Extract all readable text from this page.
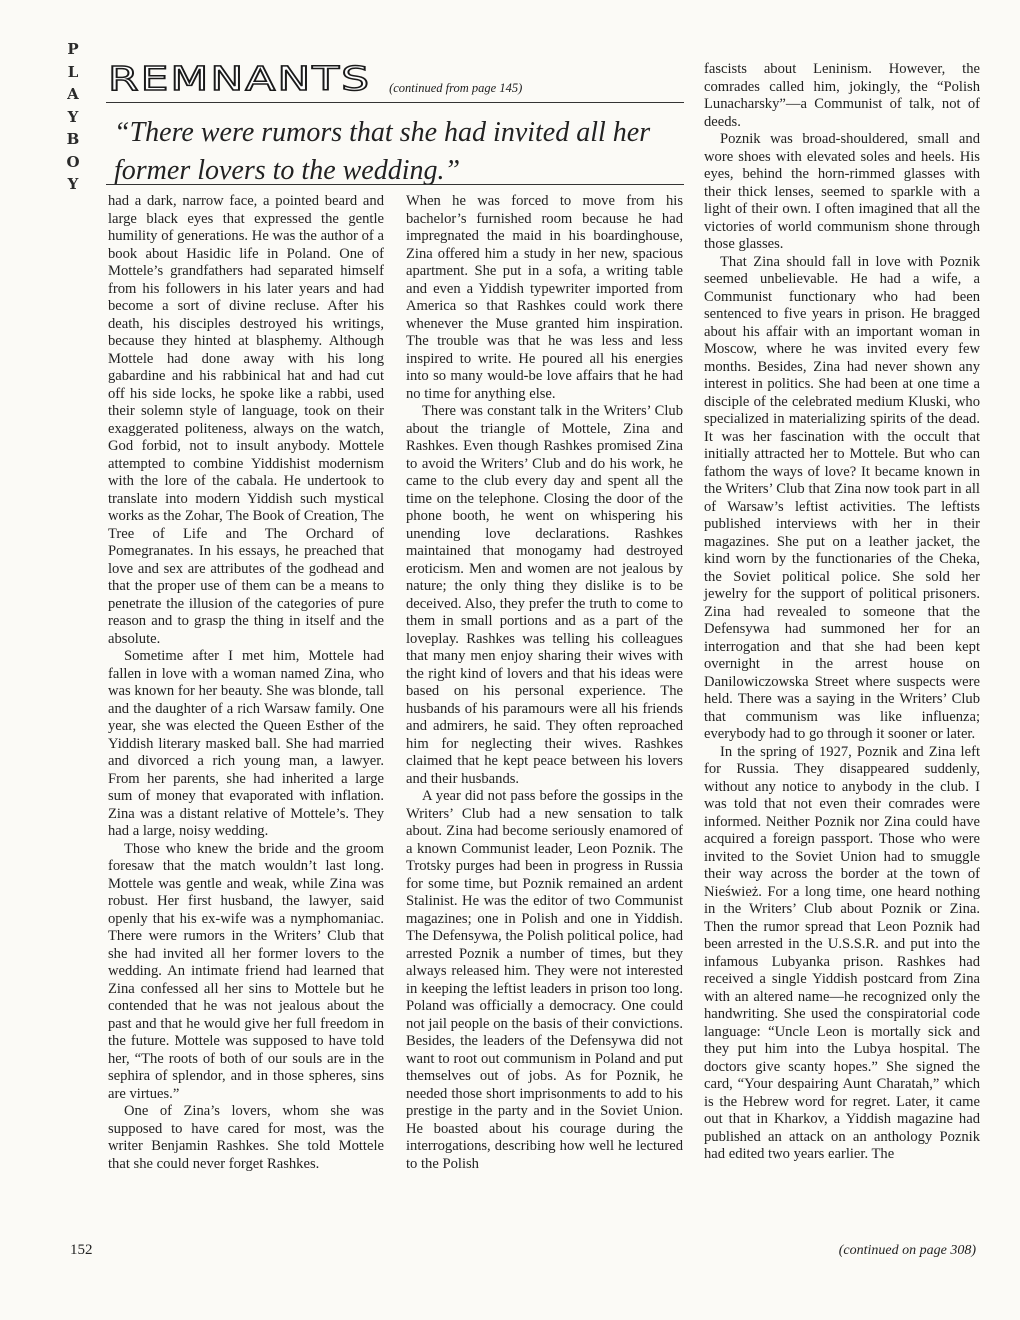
P
L
A
Y
B
O
Y
REMNANTS (continued from page 145)
“There were rumors that she had invited all her former lovers to the wedding.”

had a dark, narrow face, a pointed beard and large black eyes that expressed the gentle humility of generations. He was the author of a book about Hasidic life in Poland. One of Mottele’s grandfathers had separated himself from his followers in his later years and had become a sort of divine recluse. After his death, his disciples destroyed his writings, because they hinted at blasphemy. Although Mottele had done away with his long gabardine and his rabbinical hat and had cut off his side locks, he spoke like a rabbi, used their solemn style of language, took on their exaggerated politeness, always on the watch, God forbid, not to insult anybody. Mottele attempted to combine Yiddishist modernism with the lore of the cabala. He undertook to translate into modern Yiddish such mystical works as the Zohar, The Book of Creation, The Tree of Life and The Orchard of Pomegranates. In his essays, he preached that love and sex are attributes of the godhead and that the proper use of them can be a means to penetrate the illusion of the categories of pure reason and to grasp the thing in itself and the absolute.

Sometime after I met him, Mottele had fallen in love with a woman named Zina, who was known for her beauty. She was blonde, tall and the daughter of a rich Warsaw family. One year, she was elected the Queen Esther of the Yiddish literary masked ball. She had married and divorced a rich young man, a lawyer. From her parents, she had inherited a large sum of money that evaporated with inflation. Zina was a distant relative of Mottele’s. They had a large, noisy wedding.

Those who knew the bride and the groom foresaw that the match wouldn’t last long. Mottele was gentle and weak, while Zina was robust. Her first husband, the lawyer, said openly that his ex-wife was a nymphomaniac. There were rumors in the Writers’ Club that she had invited all her former lovers to the wedding. An intimate friend had learned that Zina confessed all her sins to Mottele but he contended that he was not jealous about the past and that he would give her full freedom in the future. Mottele was supposed to have told her, “The roots of both of our souls are in the sephira of splendor, and in those spheres, sins are virtues.”

One of Zina’s lovers, whom she was supposed to have cared for most, was the writer Benjamin Rashkes. She told Mottele that she could never forget Rashkes.

When he was forced to move from his bachelor’s furnished room because he had impregnated the maid in his boardinghouse, Zina offered him a study in her new, spacious apartment. She put in a sofa, a writing table and even a Yiddish typewriter imported from America so that Rashkes could work there whenever the Muse granted him inspiration. The trouble was that he was less and less inspired to write. He poured all his energies into so many would-be love affairs that he had no time for anything else.

There was constant talk in the Writers’ Club about the triangle of Mottele, Zina and Rashkes. Even though Rashkes promised Zina to avoid the Writers’ Club and do his work, he came to the club every day and spent all the time on the telephone. Closing the door of the phone booth, he went on whispering his unending love declarations. Rashkes maintained that monogamy had destroyed eroticism. Men and women are not jealous by nature; the only thing they dislike is to be deceived. Also, they prefer the truth to come to them in small portions and as a part of the loveplay. Rashkes was telling his colleagues that many men enjoy sharing their wives with the right kind of lovers and that his ideas were based on his personal experience. The husbands of his paramours were all his friends and admirers, he said. They often reproached him for neglecting their wives. Rashkes claimed that he kept peace between his lovers and their husbands.

A year did not pass before the gossips in the Writers’ Club had a new sensation to talk about. Zina had become seriously enamored of a known Communist leader, Leon Poznik. The Trotsky purges had been in progress in Russia for some time, but Poznik remained an ardent Stalinist. He was the editor of two Communist magazines; one in Polish and one in Yiddish. The Defensywa, the Polish political police, had arrested Poznik a number of times, but they always released him. They were not interested in keeping the leftist leaders in prison too long. Poland was officially a democracy. One could not jail people on the basis of their convictions. Besides, the leaders of the Defensywa did not want to root out communism in Poland and put themselves out of jobs. As for Poznik, he needed those short imprisonments to add to his prestige in the party and in the Soviet Union. He boasted about his courage during the interrogations, describing how well he lectured to the Polish

fascists about Leninism. However, the comrades called him, jokingly, the “Polish Lunacharsky”—a Communist of talk, not of deeds.

Poznik was broad-shouldered, small and wore shoes with elevated soles and heels. His eyes, behind the horn-rimmed glasses with their thick lenses, seemed to sparkle with a light of their own. I often imagined that all the victories of world communism shone through those glasses.

That Zina should fall in love with Poznik seemed unbelievable. He had a wife, a Communist functionary who had been sentenced to five years in prison. He bragged about his affair with an important woman in Moscow, where he was invited every few months. Besides, Zina had never shown any interest in politics. She had been at one time a disciple of the celebrated medium Kluski, who specialized in materializing spirits of the dead. It was her fascination with the occult that initially attracted her to Mottele. But who can fathom the ways of love? It became known in the Writers’ Club that Zina now took part in all of Warsaw’s leftist activities. The leftists published interviews with her in their magazines. She put on a leather jacket, the kind worn by the functionaries of the Cheka, the Soviet political police. She sold her jewelry for the support of political prisoners. Zina had revealed to someone that the Defensywa had summoned her for an interrogation and that she had been kept overnight in the arrest house on Danilowiczowska Street where suspects were held. There was a saying in the Writers’ Club that communism was like influenza; everybody had to go through it sooner or later.

In the spring of 1927, Poznik and Zina left for Russia. They disappeared suddenly, without any notice to anybody in the club. I was told that not even their comrades were informed. Neither Poznik nor Zina could have acquired a foreign passport. Those who were invited to the Soviet Union had to smuggle their way across the border at the town of Nieśwież. For a long time, one heard nothing in the Writers’ Club about Poznik or Zina. Then the rumor spread that Leon Poznik had been arrested in the U.S.S.R. and put into the infamous Lubyanka prison. Rashkes had received a single Yiddish postcard from Zina with an altered name—he recognized only the handwriting. She used the conspiratorial code language: “Uncle Leon is mortally sick and they put him into the Lubya hospital. The doctors give scanty hopes.” She signed the card, “Your despairing Aunt Charatah,” which is the Hebrew word for regret. Later, it came out that in Kharkov, a Yiddish magazine had published an attack on an anthology Poznik had edited two years earlier. The

152	(continued on page 308)
